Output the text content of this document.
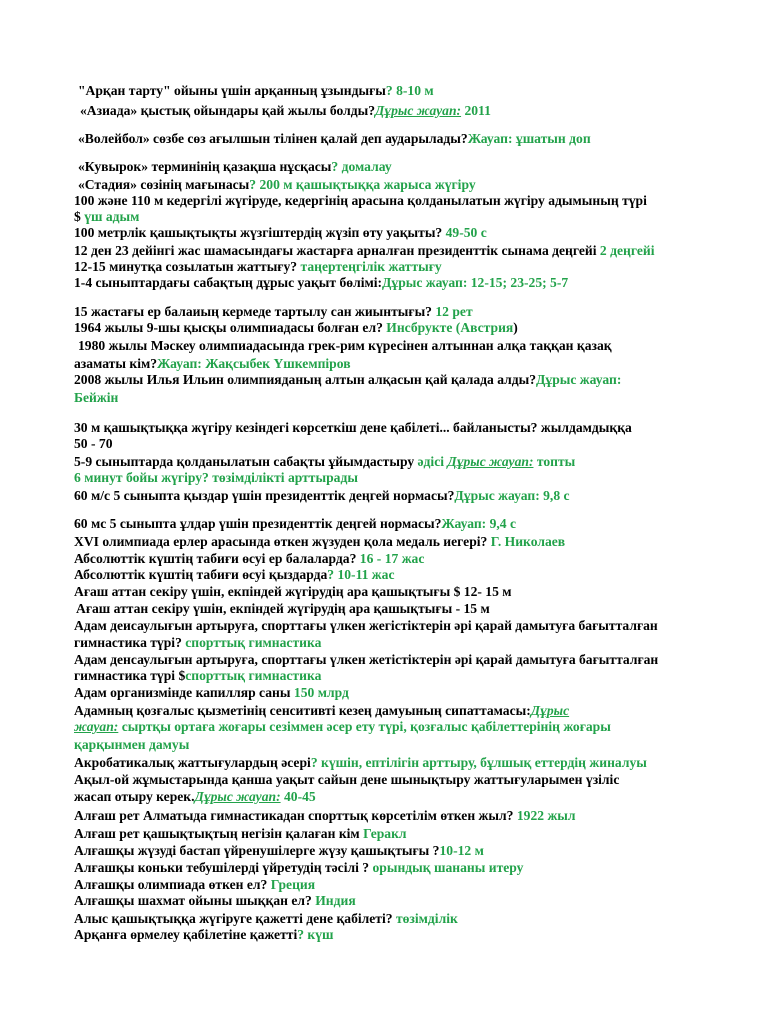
"Арқан тарту" ойыны үшін арқанның ұзындығы? 8-10 м
«Азиада» қыстық ойындары қай жылы болды?Дұрыс жауап: 2011
«Волейбол» сөзбе сөз ағылшын тілінен қалай деп аударылады?Жауап: ұшатын доп
«Кувырок» терминінің қазақша нұсқасы? домалау
«Стадия» сөзінің мағынасы? 200 м қашықтыққа жарыса жүгіру
100 және 110 м кедергілі жүгіруде, кедергінің арасына қолданылатын жүгіру адымының түрі
$ үш адым
100 метрлік қашықтықты жүзгіштердің жүзіп өту уақыты? 49-50 с
12 ден 23 дейінгі жас шамасындағы жастарға арналған президенттік сынама деңгейі 2 деңгейі
12-15 минутқа созылатын жаттығу? таңертеңгілік жаттығу
1-4 сыныптардағы сабақтың дұрыс уақыт бөлімі:Дұрыс жауап: 12-15; 23-25; 5-7
15 жастағы ер балаиың кермеде тартылу сан жиынтығы? 12 рет
1964 жылы 9-шы қысқы олимпиадасы болған ел? Инсбрукте (Австрия)
1980 жылы Мәскеу олимпиадасында грек-рим күресінен алтыннан алқа таққан қазақ
азаматы кім?Жауап: Жақсыбек Үшкемпіров
2008 жылы Илья Ильин олимпияданың алтын алқасын қай қалада алды?Дұрыс жауап:
Бейжін
30 м қашықтыққа жүгіру кезіндегі көрсеткіш дене қабілеті... байланысты? жылдамдыққа
50 - 70
5-9 сыныптарда қолданылатын сабақты ұйымдастыру әдісі Дұрыс жауап: топты
6 минут бойы жүгіру? төзімділікті арттырады
60 м/с 5 сыныпта қыздар үшін президенттік деңгей нормасы?Дұрыс жауап: 9,8 с
60 мс 5 сыныпта ұлдар үшін президенттік деңгей нормасы?Жауап: 9,4 с
XVI олимпиада ерлер арасында өткен жүзуден қола медаль иегері? Г. Николаев
Абсолюттік күштің табиғи өсуі ер балаларда? 16 - 17 жас
Абсолюттік күштің табиғи өсуі қыздарда? 10-11 жас
Ағаш аттан секіру үшін, екпіндей жүгірудің ара қашықтығы $ 12- 15 м
Ағаш аттан секіру үшін, екпіндей жүгірудің ара қашықтығы - 15 м
Адам деисаулығын артыруға, спорттағы үлкен жегістіктерін әрі қарай дамытуға бағытталған
гимнастика түрі? спорттық гимнастика
Адам денсаулығын артыруға, спорттағы үлкен жетістіктерін әрі қарай дамытуға бағытталған
гимнастика түрі $спорттық гимнастика
Адам организмінде капилляр саны 150 млрд
Адамның қозғалыс қызметінің сенситивті кезең дамуының сипаттамасы:Дұрыс
жауап: сыртқы ортаға жоғары сезіммен әсер ету түрі, қозғалыс қабілеттерінің жоғары
қарқынмен дамуы
Акробатикалық жаттығулардың әсері? күшін, ептілігін арттыру, бұлшық еттердің жиналуы
Ақыл-ой жұмыстарында қанша уақыт сайын дене шынықтыру жаттығуларымен үзіліс
жасап отыру керек.Дұрыс жауап: 40-45
Алғаш рет Алматыда гимнастикадан спорттық көрсетілім өткен жыл? 1922 жыл
Алғаш рет қашықтықтың негізін қалаған кім Геракл
Алғашқы жүзуді бастап үйренушілерге жүзу қашықтығы ?10-12 м
Алғашқы коньки тебушілерді үйретудің тәсілі ? орындық шананы итеру
Алғашқы олимпиада өткен ел? Греция
Алғашқы шахмат ойыны шыққан ел? Индия
Алыс қашықтыққа жүгіруге қажетті дене қабілеті? төзімділік
Арқанға өрмелеу қабілетіне қажетті? күш
